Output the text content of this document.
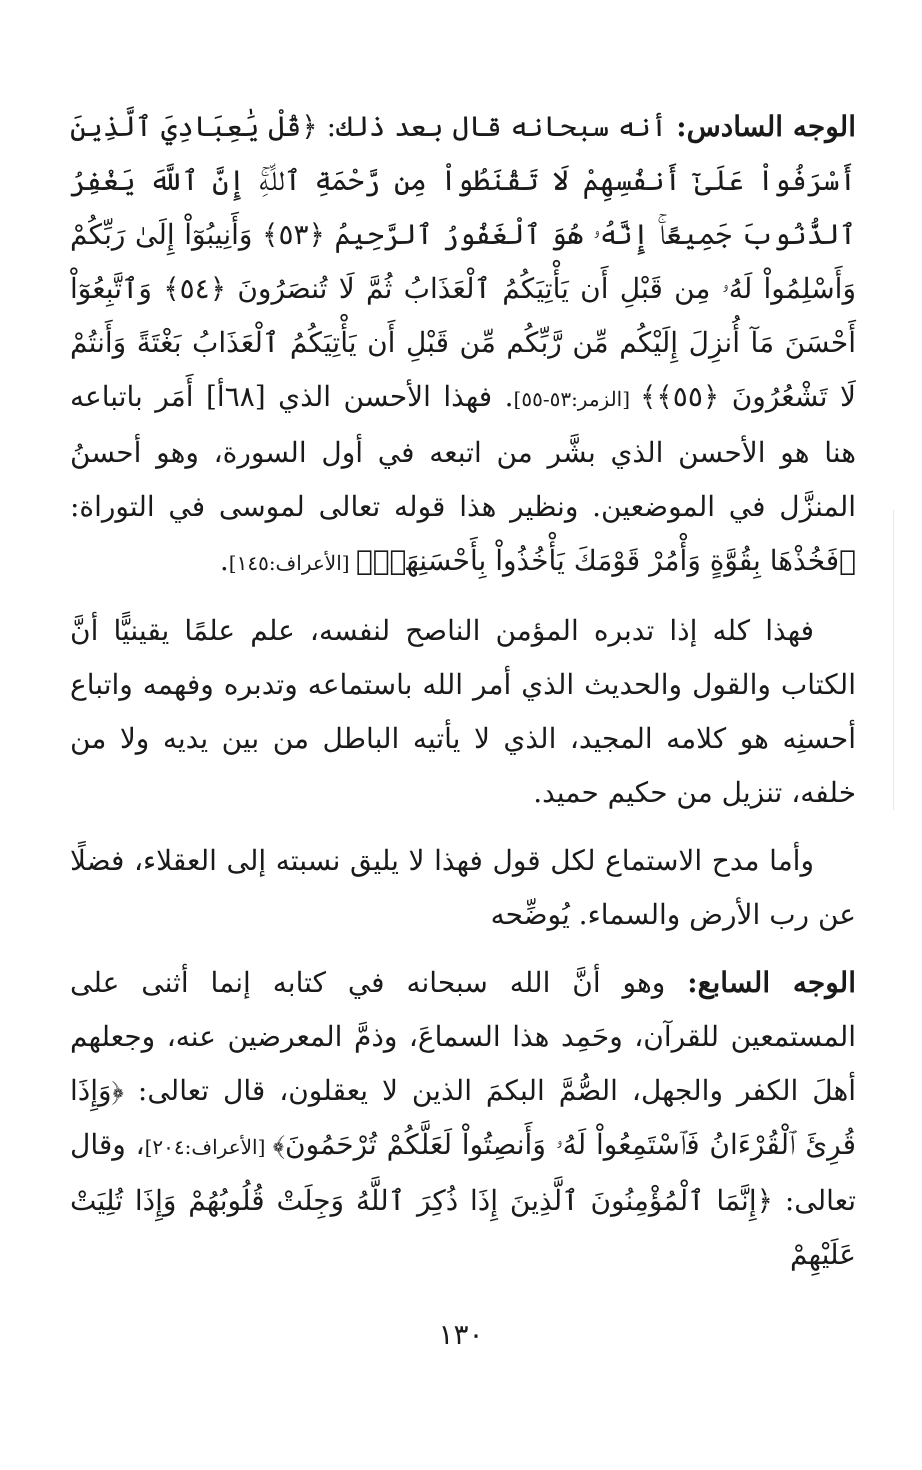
الوجه السادس: أنه سبحانه قال بعد ذلك: ﴿قُلْ يَٰعِبَادِيَ ٱلَّذِينَ أَسْرَفُواْ عَلَىٰٓ أَنفُسِهِمْ لَا تَقْنَطُواْ مِن رَّحْمَةِ ٱللَّهِۚ إِنَّ ٱللَّهَ يَغْفِرُ ٱلذُّنُوبَ جَمِيعًاۚ إِنَّهُۥ هُوَ ٱلْغَفُورُ ٱلرَّحِيمُ ﴿٥٣﴾ وَأَنِيبُوٓاْ إِلَىٰ رَبِّكُمْ وَأَسْلِمُواْ لَهُۥ مِن قَبْلِ أَن يَأْتِيَكُمُ ٱلْعَذَابُ ثُمَّ لَا تُنصَرُونَ ﴿٥٤﴾ وَٱتَّبِعُوٓاْ أَحْسَنَ مَآ أُنزِلَ إِلَيْكُم مِّن رَّبِّكُم مِّن قَبْلِ أَن يَأْتِيَكُمُ ٱلْعَذَابُ بَغْتَةً وَأَنتُمْ لَا تَشْعُرُونَ ﴿٥٥﴾﴾ [الزمر:٥٣-٥٥]. فهذا الأحسن الذي [٦٨أ] أَمَر باتباعه هنا هو الأحسن الذي بشَّر من اتبعه في أول السورة، وهو أحسنُ المنزَّل في الموضعين. ونظير هذا قوله تعالى لموسى في التوراة: ﴿فَخُذْهَا بِقُوَّةٍ وَأْمُرْ قَوْمَكَ يَأْخُذُواْ بِأَحْسَنِهَاۚ﴾ [الأعراف:١٤٥].

فهذا كله إذا تدبره المؤمن الناصح لنفسه، علم علمًا يقينيًّا أنَّ الكتاب والقول والحديث الذي أمر الله باستماعه وتدبره وفهمه واتباع أحسنِه هو كلامه المجيد، الذي لا يأتيه الباطل من بين يديه ولا من خلفه، تنزيل من حكيم حميد.

وأما مدح الاستماع لكل قول فهذا لا يليق نسبته إلى العقلاء، فضلًا عن رب الأرض والسماء. يُوضِّحه

الوجه السابع: وهو أنَّ الله سبحانه في كتابه إنما أثنى على المستمعين للقرآن، وحَمِد هذا السماعَ، وذمَّ المعرضين عنه، وجعلهم أهلَ الكفر والجهل، الصُّمَّ البكمَ الذين لا يعقلون، قال تعالى: ﴿وَإِذَا قُرِئَ ٱلْقُرْءَانُ فَٱسْتَمِعُواْ لَهُۥ وَأَنصِتُواْ لَعَلَّكُمْ تُرْحَمُونَ﴾ [الأعراف:٢٠٤]، وقال تعالى: ﴿إِنَّمَا ٱلْمُؤْمِنُونَ ٱلَّذِينَ إِذَا ذُكِرَ ٱللَّهُ وَجِلَتْ قُلُوبُهُمْ وَإِذَا تُلِيَتْ عَلَيْهِمْ

١٣٠
